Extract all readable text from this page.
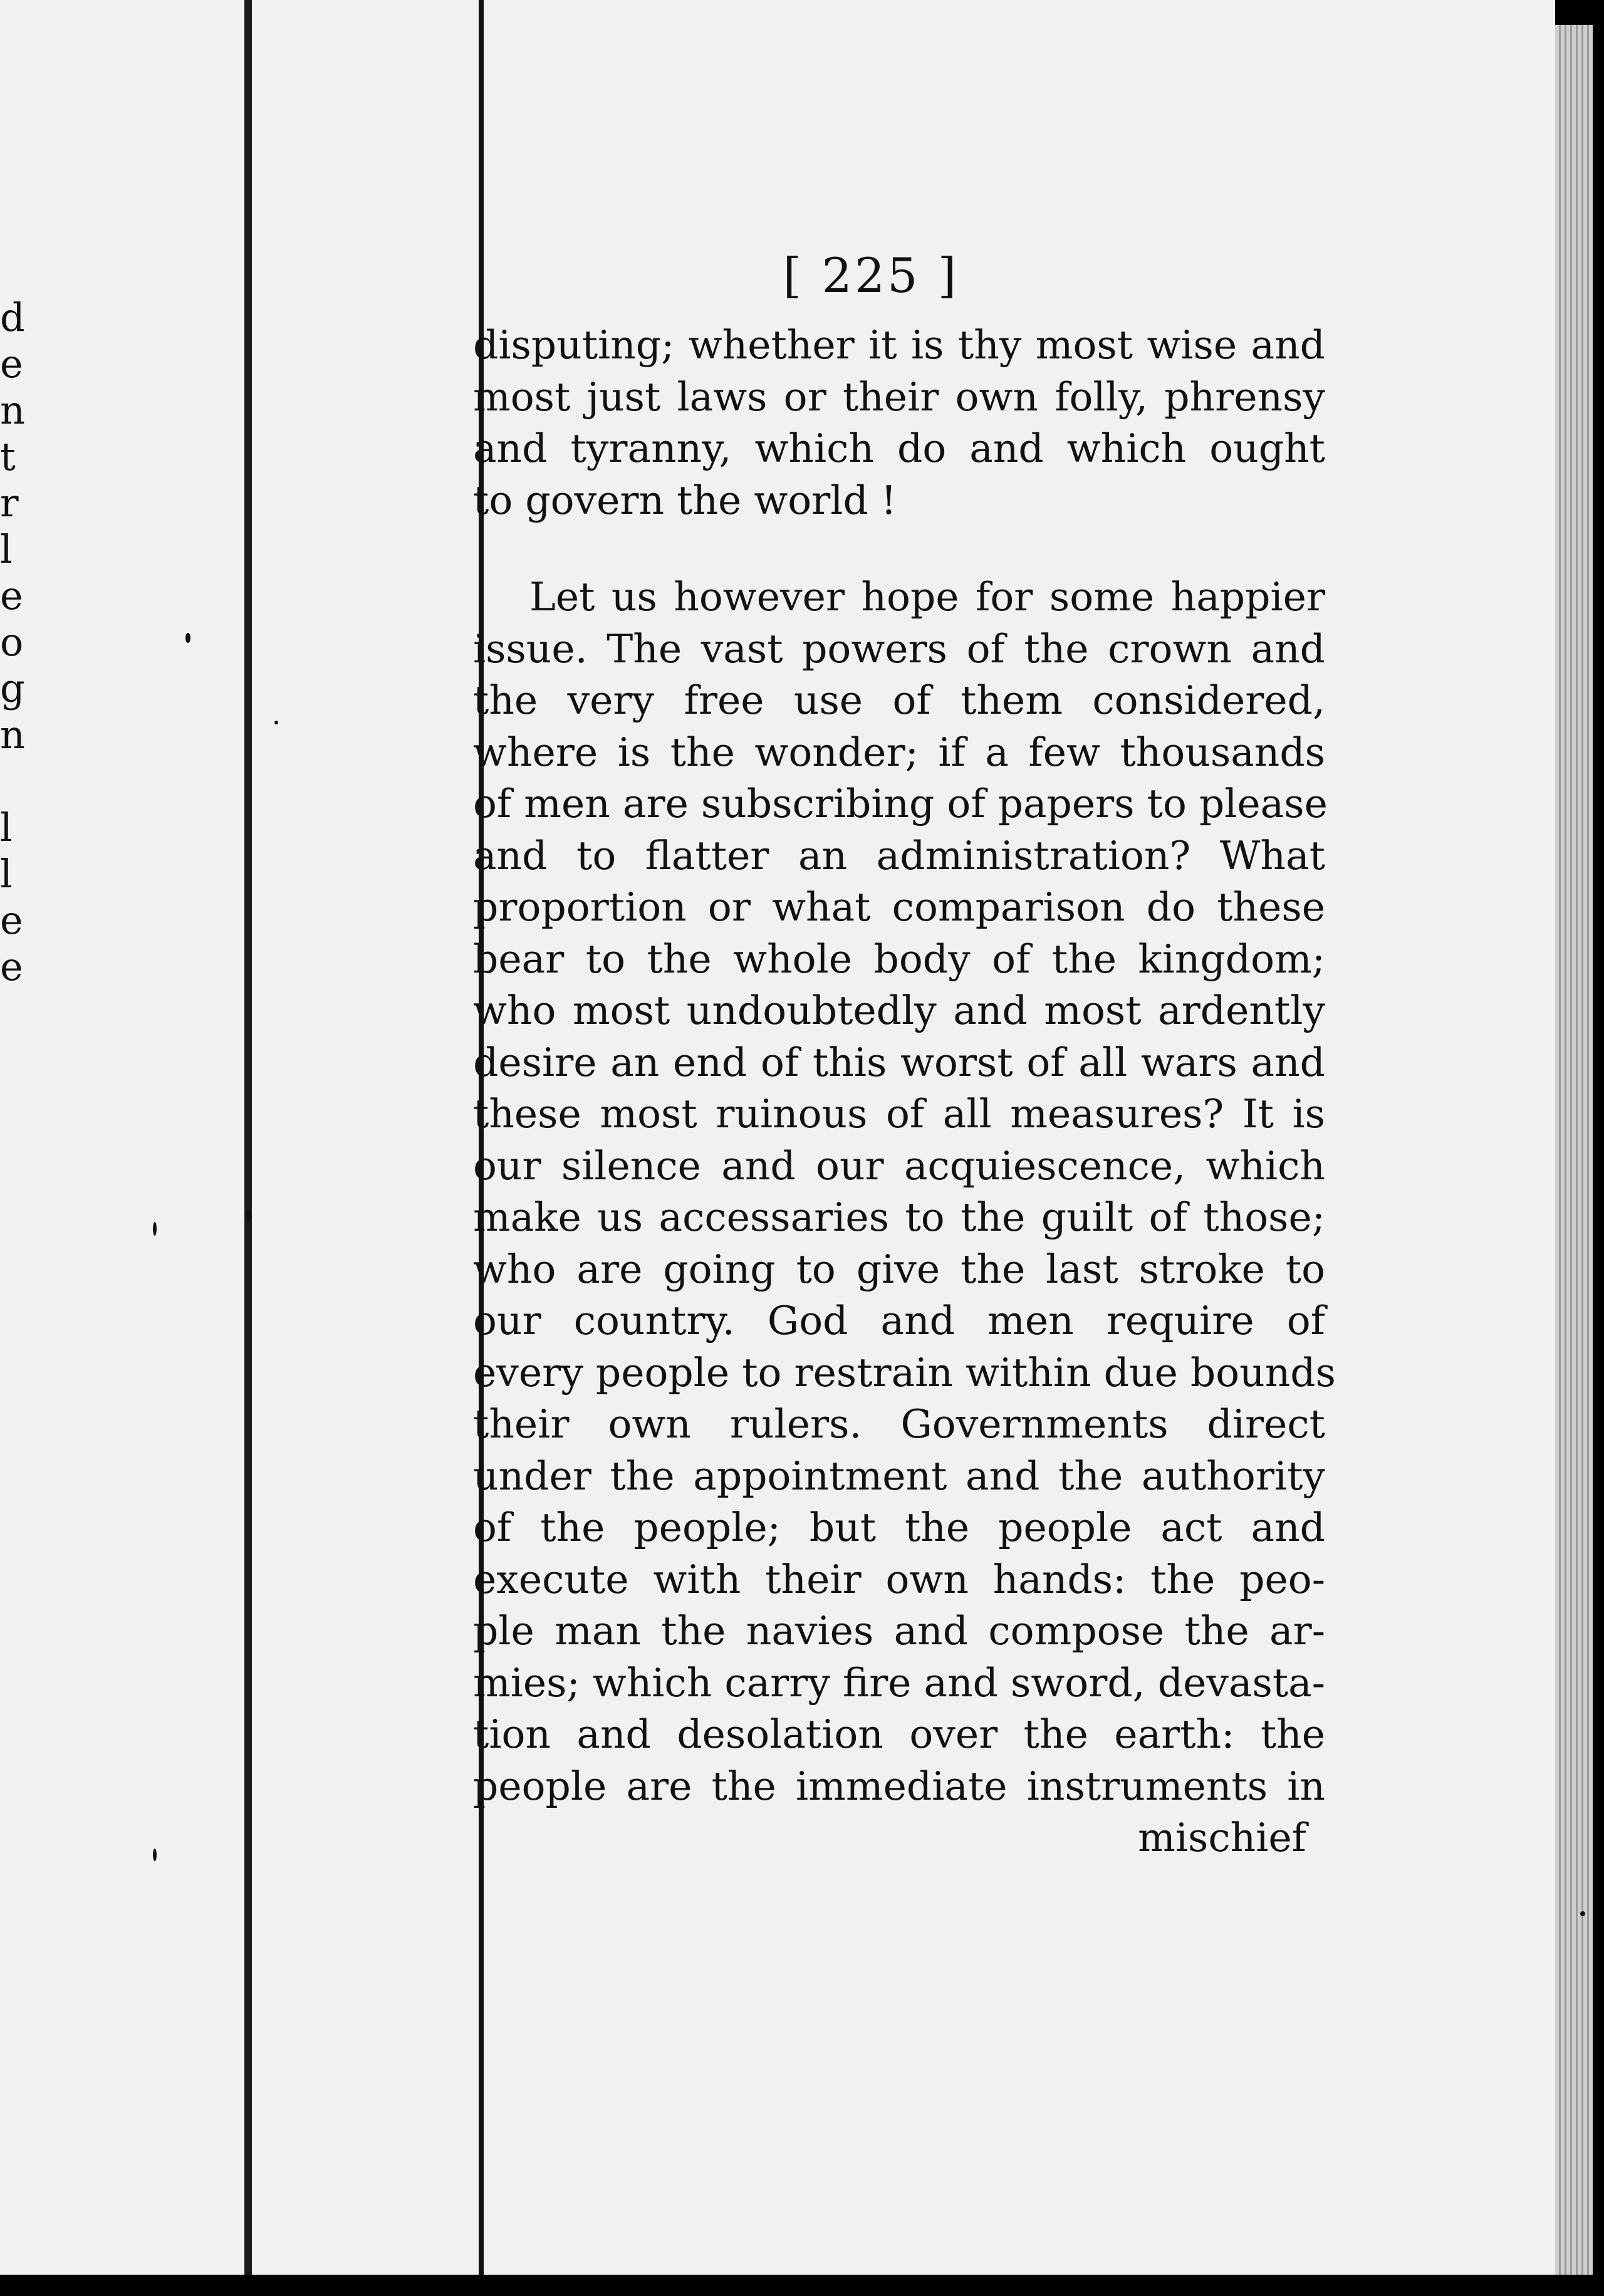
d
e
n
t
r
l
e
o
g
n
l
l
e
e
[ 225 ]
disputing; whether it is thy most wise and
most just laws or their own folly, phrensy
and tyranny, which do and which ought
to govern the world !
Let us however hope for some happier
issue. The vast powers of the crown and
the very free use of them considered,
where is the wonder; if a few thousands
of men are subscribing of papers to please
and to flatter an administration? What
proportion or what comparison do these
bear to the whole body of the kingdom;
who most undoubtedly and most ardently
desire an end of this worst of all wars and
these most ruinous of all measures? It is
our silence and our acquiescence, which
make us accessaries to the guilt of those;
who are going to give the last stroke to
our country. God and men require of
every people to restrain within due bounds
their own rulers. Governments direct
under the appointment and the authority
of the people; but the people act and
execute with their own hands: the peo-
ple man the navies and compose the ar-
mies; which carry fire and sword, devasta-
tion and desolation over the earth: the
people are the immediate instruments in
mischief
